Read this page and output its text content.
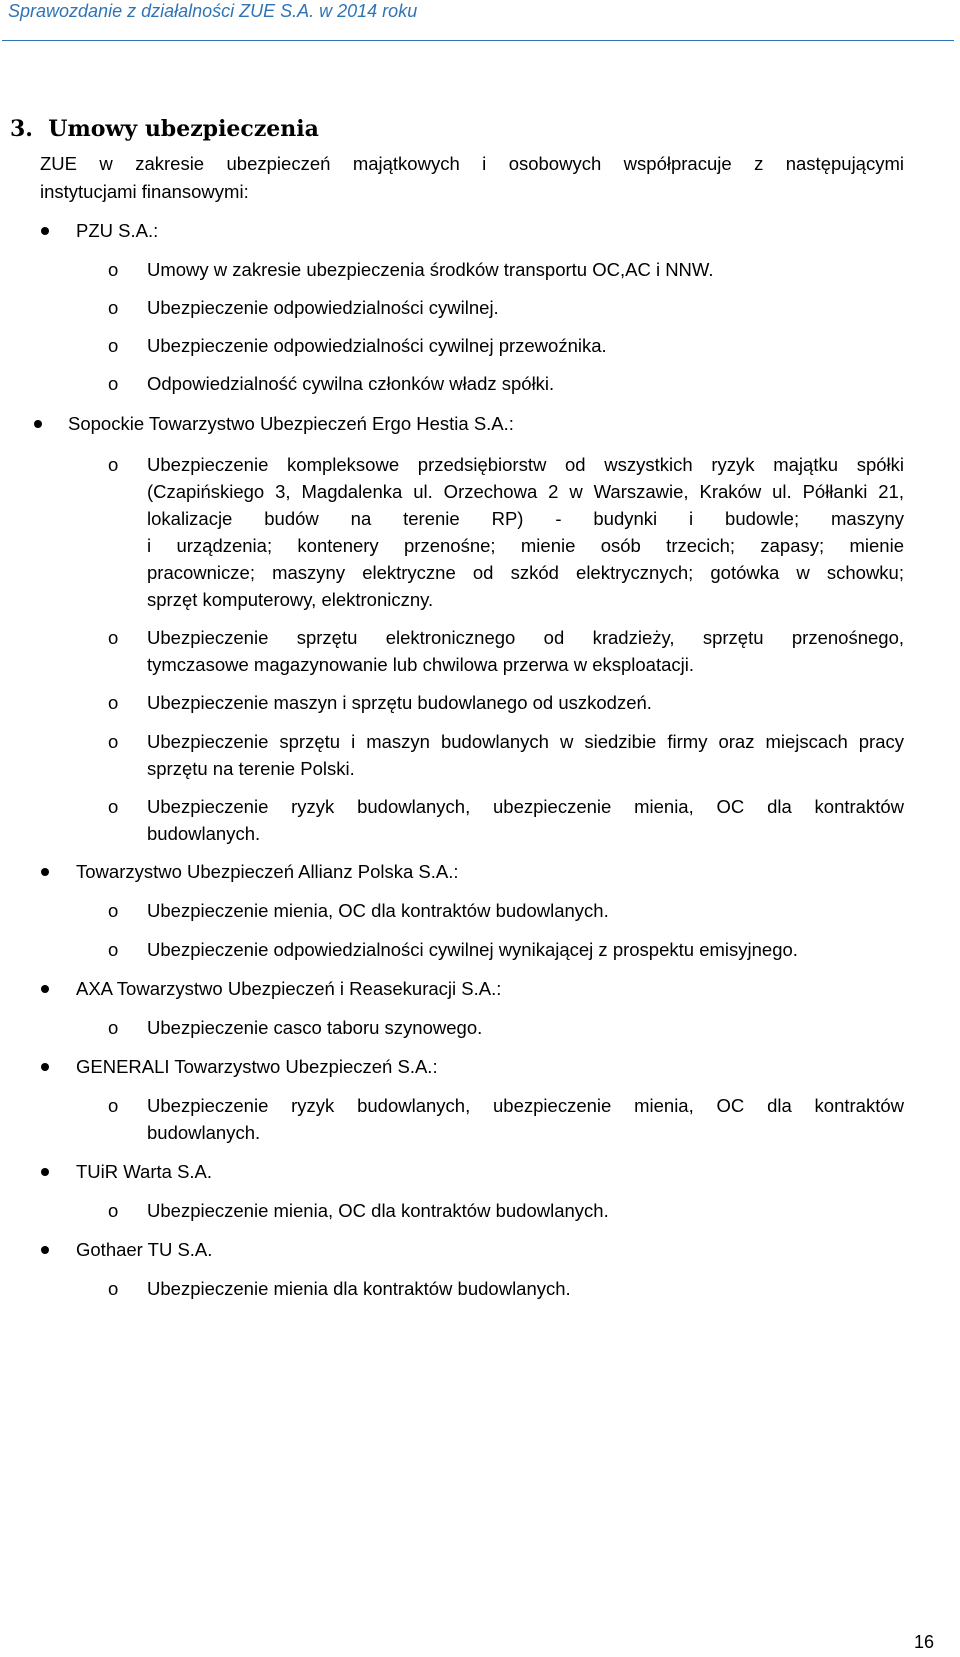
Sprawozdanie z działalności ZUE S.A. w 2014 roku
3. Umowy ubezpieczenia
ZUE w zakresie ubezpieczeń majątkowych i osobowych współpracuje z następującymi
instytucjami finansowymi:
PZU S.A.:
o Umowy w zakresie ubezpieczenia środków transportu OC,AC i NNW.
o Ubezpieczenie odpowiedzialności cywilnej.
o Ubezpieczenie odpowiedzialności cywilnej przewoźnika.
o Odpowiedzialność cywilna członków władz spółki.
Sopockie Towarzystwo Ubezpieczeń Ergo Hestia S.A.:
o Ubezpieczenie kompleksowe przedsiębiorstw od wszystkich ryzyk majątku spółki
(Czapińskiego 3, Magdalenka ul. Orzechowa 2 w Warszawie, Kraków ul. Półłanki 21,
lokalizacje budów na terenie RP) - budynki i budowle; maszyny
i urządzenia; kontenery przenośne; mienie osób trzecich; zapasy; mienie
pracownicze; maszyny elektryczne od szkód elektrycznych; gotówka w schowku;
sprzęt komputerowy, elektroniczny.
o Ubezpieczenie sprzętu elektronicznego od kradzieży, sprzętu przenośnego,
tymczasowe magazynowanie lub chwilowa przerwa w eksploatacji.
o Ubezpieczenie maszyn i sprzętu budowlanego od uszkodzeń.
o Ubezpieczenie sprzętu i maszyn budowlanych w siedzibie firmy oraz miejscach pracy
sprzętu na terenie Polski.
o Ubezpieczenie ryzyk budowlanych, ubezpieczenie mienia, OC dla kontraktów
budowlanych.
Towarzystwo Ubezpieczeń Allianz Polska S.A.:
o Ubezpieczenie mienia, OC dla kontraktów budowlanych.
o Ubezpieczenie odpowiedzialności cywilnej wynikającej z prospektu emisyjnego.
AXA Towarzystwo Ubezpieczeń i Reasekuracji S.A.:
o Ubezpieczenie casco taboru szynowego.
GENERALI Towarzystwo Ubezpieczeń S.A.:
o Ubezpieczenie ryzyk budowlanych, ubezpieczenie mienia, OC dla kontraktów
budowlanych.
TUiR Warta S.A.
o Ubezpieczenie mienia, OC dla kontraktów budowlanych.
Gothaer TU S.A.
o Ubezpieczenie mienia dla kontraktów budowlanych.
16
